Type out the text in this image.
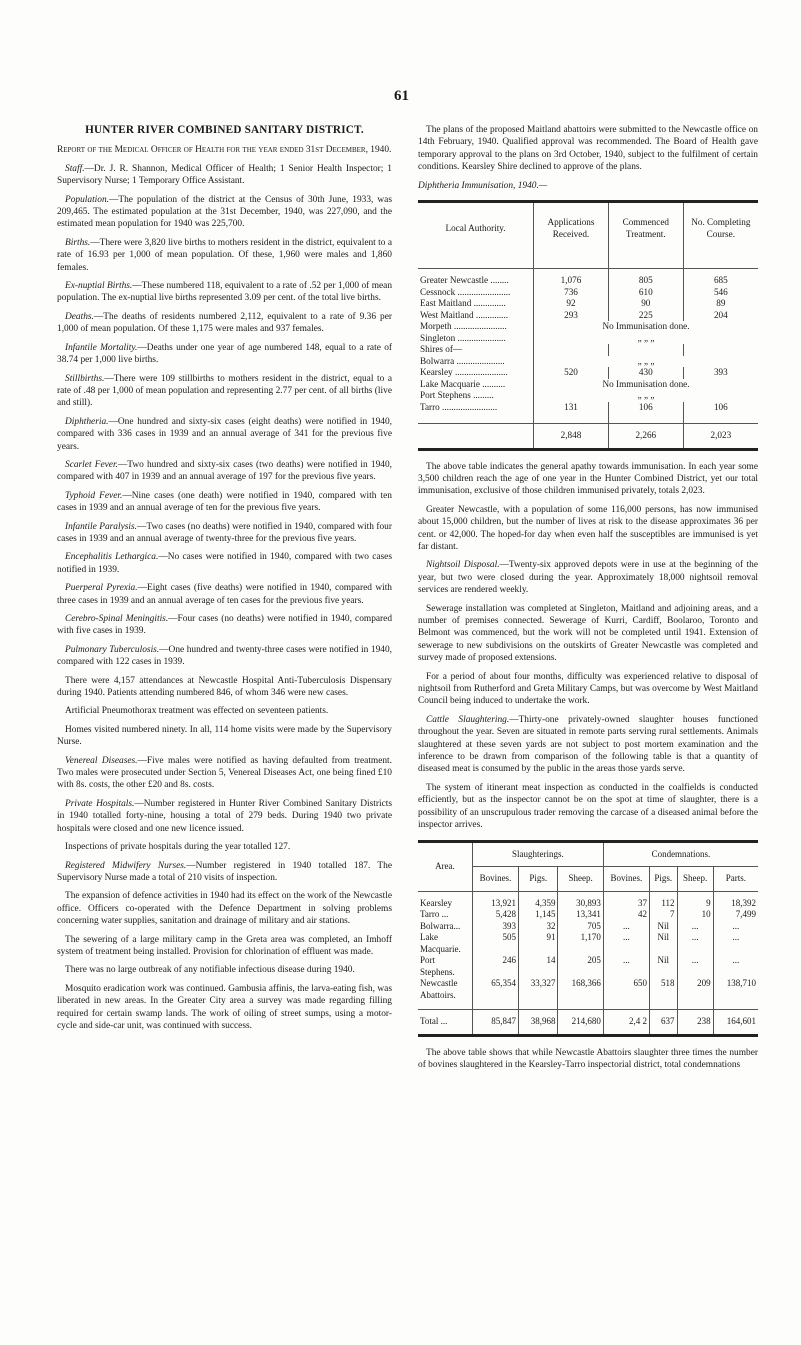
61
HUNTER RIVER COMBINED SANITARY DISTRICT.

Report of the Medical Officer of Health for the year ended 31st December, 1940.

Staff.—Dr. J. R. Shannon, Medical Officer of Health; 1 Senior Health Inspector; 1 Supervisory Nurse; 1 Temporary Office Assistant.

Population.—The population of the district at the Census of 30th June, 1933, was 209,465. The estimated population at the 31st December, 1940, was 227,090, and the estimated mean population for 1940 was 225,700.

Births.—There were 3,820 live births to mothers resident in the district, equivalent to a rate of 16.93 per 1,000 of mean population. Of these, 1,960 were males and 1,860 females.

Ex-nuptial Births.—These numbered 118, equivalent to a rate of .52 per 1,000 of mean population. The ex-nuptial live births represented 3.09 per cent. of the total live births.

Deaths.—The deaths of residents numbered 2,112, equivalent to a rate of 9.36 per 1,000 of mean population. Of these 1,175 were males and 937 females.

Infantile Mortality.—Deaths under one year of age numbered 148, equal to a rate of 38.74 per 1,000 live births.

Stillbirths.—There were 109 stillbirths to mothers resident in the district, equal to a rate of .48 per 1,000 of mean population and representing 2.77 per cent. of all births (live and still).

Diphtheria.—One hundred and sixty-six cases (eight deaths) were notified in 1940, compared with 336 cases in 1939 and an annual average of 341 for the previous five years.

Scarlet Fever.—Two hundred and sixty-six cases (two deaths) were notified in 1940, compared with 407 in 1939 and an annual average of 197 for the previous five years.

Typhoid Fever.—Nine cases (one death) were notified in 1940, compared with ten cases in 1939 and an annual average of ten for the previous five years.

Infantile Paralysis.—Two cases (no deaths) were notified in 1940, compared with four cases in 1939 and an annual average of twenty-three for the previous five years.

Encephalitis Lethargica.—No cases were notified in 1940, compared with two cases notified in 1939.

Puerperal Pyrexia.—Eight cases (five deaths) were notified in 1940, compared with three cases in 1939 and an annual average of ten cases for the previous five years.

Cerebro-Spinal Meningitis.—Four cases (no deaths) were notified in 1940, compared with five cases in 1939.

Pulmonary Tuberculosis.—One hundred and twenty-three cases were notified in 1940, compared with 122 cases in 1939.

There were 4,157 attendances at Newcastle Hospital Anti-Tuberculosis Dispensary during 1940. Patients attending numbered 846, of whom 346 were new cases.

Artificial Pneumothorax treatment was effected on seventeen patients.

Homes visited numbered ninety. In all, 114 home visits were made by the Supervisory Nurse.

Venereal Diseases.—Five males were notified as having defaulted from treatment. Two males were prosecuted under Section 5, Venereal Diseases Act, one being fined £10 with 8s. costs, the other £20 and 8s. costs.

Private Hospitals.—Number registered in Hunter River Combined Sanitary Districts in 1940 totalled forty-nine, housing a total of 279 beds. During 1940 two private hospitals were closed and one new licence issued.

Inspections of private hospitals during the year totalled 127.

Registered Midwifery Nurses.—Number registered in 1940 totalled 187. The Supervisory Nurse made a total of 210 visits of inspection.

The expansion of defence activities in 1940 had its effect on the work of the Newcastle office. Officers co-operated with the Defence Department in solving problems concerning water supplies, sanitation and drainage of military and air stations.

The sewering of a large military camp in the Greta area was completed, an Imhoff system of treatment being installed. Provision for chlorination of effluent was made.

There was no large outbreak of any notifiable infectious disease during 1940.

Mosquito eradication work was continued. Gambusia affinis, the larva-eating fish, was liberated in new areas. In the Greater City area a survey was made regarding filling required for certain swamp lands. The work of oiling of street sumps, using a motor-cycle and side-car unit, was continued with success.

The plans of the proposed Maitland abattoirs were submitted to the Newcastle office on 14th February, 1940. Qualified approval was recommended. The Board of Health gave temporary approval to the plans on 3rd October, 1940, subject to the fulfilment of certain conditions. Kearsley Shire declined to approve of the plans.

Diphtheria Immunisation, 1940.—

Local Authority.	Applications Received.	Commenced Treatment.	No. Completing Course.
Greater Newcastle ........	1,076	805	685
Cessnock .......................	736	610	546
East Maitland ..............	92	90	89
West Maitland ..............	293	225	204
Morpeth .......................	No Immunisation done.		
Singleton .....................	„ „ „		
Shires of—			
Bolwarra .....................	„ „ „		
Kearsley .......................	520	430	393
Lake Macquarie ..........	No Immunisation done.		
Port Stephens .........	„ „ „		
Tarro ........................	131	106	106
	2,848	2,266	2,023

The above table indicates the general apathy towards immunisation. In each year some 3,500 children reach the age of one year in the Hunter Combined District, yet our total immunisation, exclusive of those children immunised privately, totals 2,023.

Greater Newcastle, with a population of some 116,000 persons, has now immunised about 15,000 children, but the number of lives at risk to the disease approximates 36 per cent. or 42,000. The hoped-for day when even half the susceptibles are immunised is yet far distant.

Nightsoil Disposal.—Twenty-six approved depots were in use at the beginning of the year, but two were closed during the year. Approximately 18,000 nightsoil removal services are rendered weekly.

Sewerage installation was completed at Singleton, Maitland and adjoining areas, and a number of premises connected. Sewerage of Kurri, Cardiff, Boolaroo, Toronto and Belmont was commenced, but the work will not be completed until 1941. Extension of sewerage to new subdivisions on the outskirts of Greater Newcastle was completed and survey made of proposed extensions.

For a period of about four months, difficulty was experienced relative to disposal of nightsoil from Rutherford and Greta Military Camps, but was overcome by West Maitland Council being induced to undertake the work.

Cattle Slaughtering.—Thirty-one privately-owned slaughter houses functioned throughout the year. Seven are situated in remote parts serving rural settlements. Animals slaughtered at these seven yards are not subject to post mortem examination and the inference to be drawn from comparison of the following table is that a quantity of diseased meat is consumed by the public in the areas those yards serve.

The system of itinerant meat inspection as conducted in the coalfields is conducted efficiently, but as the inspector cannot be on the spot at time of slaughter, there is a possibility of an unscrupulous trader removing the carcase of a diseased animal before the inspector arrives.

Area.	Slaughterings.			Condemnations.			
	Bovines.	Pigs.	Sheep.	Bovines.	Pigs.	Sheep.	Parts.
Kearsley	13,921	4,359	30,893	37	112	9	18,392
Tarro ...	5,428	1,145	13,341	42	7	10	7,499
Bolwarra...	393	32	705	...	Nil	...	...
Lake Macquarie.	505	91	1,170	...	Nil	...	...
Port Stephens.	246	14	205	...	Nil	...	...
Newcastle Abattoirs.	65,354	33,327	168,366	650	518	209	138,710
Total ...	85,847	38,968	214,680	2,4 2	637	238	164,601

The above table shows that while Newcastle Abattoirs slaughter three times the number of bovines slaughtered in the Kearsley-Tarro inspectorial district, total condemnations
